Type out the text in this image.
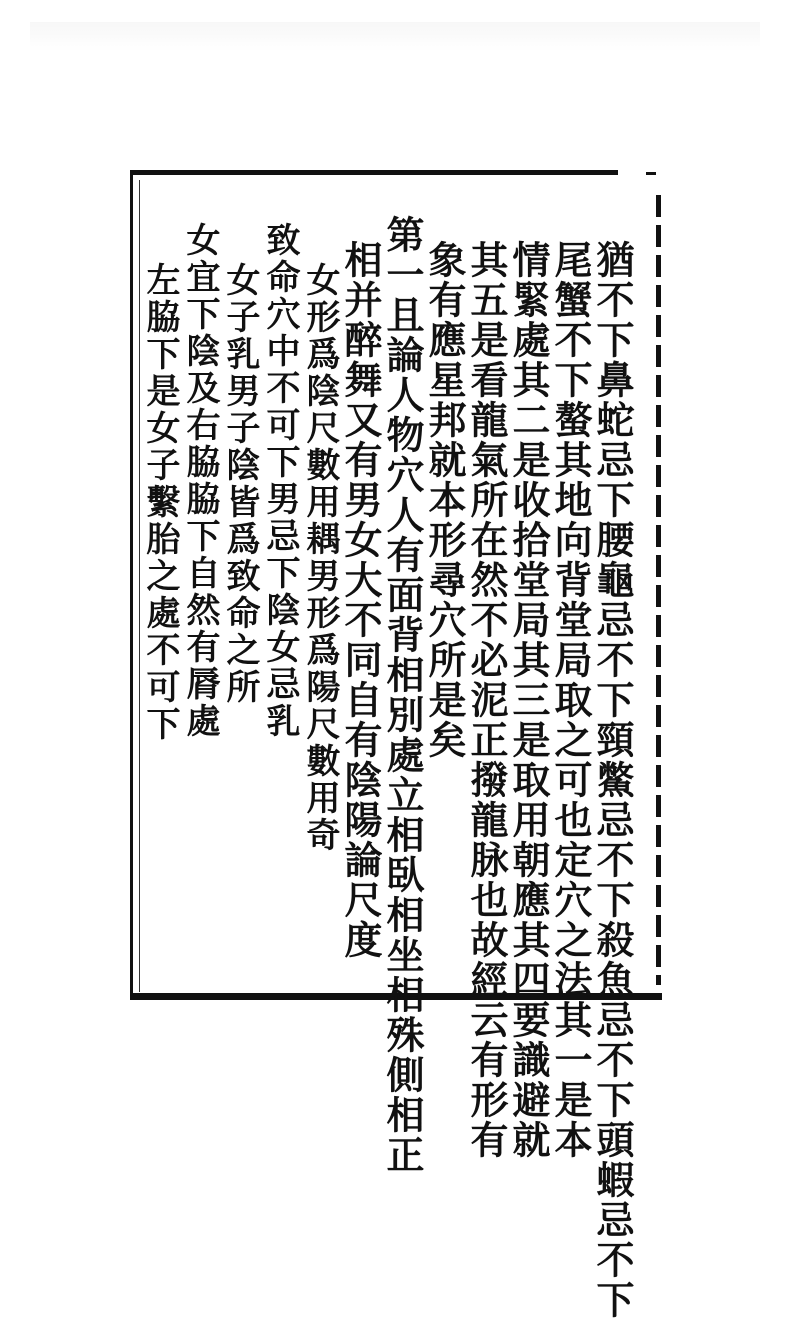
猶不下鼻蛇忌下腰龜忌不下頸鱉忌不下殺魚忌不下頭蝦忌不下
尾蟹不下螯其地向背堂局取之可也定穴之法其一是本
情緊處其二是收拾堂局其三是取用朝應其四要識避就
其五是看龍氣所在然不必泥正撥龍脉也故經云有形有
象有應星邦就本形尋穴所是矣
第一且論人物穴人有面背相別處立相臥相坐相殊側相正
相并醉舞又有男女大不同自有陰陽論尺度
女形爲陰尺數用耦男形爲陽尺數用奇
致命穴中不可下男忌下陰女忌乳
女子乳男子陰皆爲致命之所
女宜下陰及右脇脇下自然有脣處
左脇下是女子繫胎之處不可下
